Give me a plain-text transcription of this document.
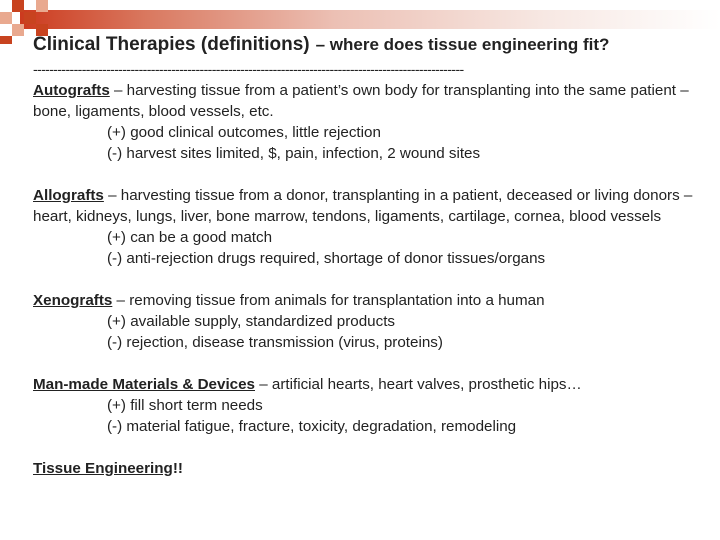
Clinical Therapies (definitions) – where does tissue engineering fit?
----------------------------------------------------------------------------------------------------------

Autografts – harvesting tissue from a patient’s own body for transplanting into the same patient – bone, ligaments, blood vessels, etc.

(+) good clinical outcomes, little rejection

(-) harvest sites limited, $, pain, infection, 2 wound sites

Allografts – harvesting tissue from a donor, transplanting in a patient, deceased or living donors – heart, kidneys, lungs, liver, bone marrow, tendons, ligaments, cartilage, cornea, blood vessels

(+) can be a good match

(-) anti-rejection drugs required, shortage of donor tissues/organs

Xenografts – removing tissue from animals for transplantation into a human

(+) available supply, standardized products

(-) rejection, disease transmission (virus, proteins)

Man-made Materials & Devices – artificial hearts, heart valves, prosthetic hips…

(+) fill short term needs

(-) material fatigue, fracture, toxicity, degradation, remodeling

Tissue Engineering!!
